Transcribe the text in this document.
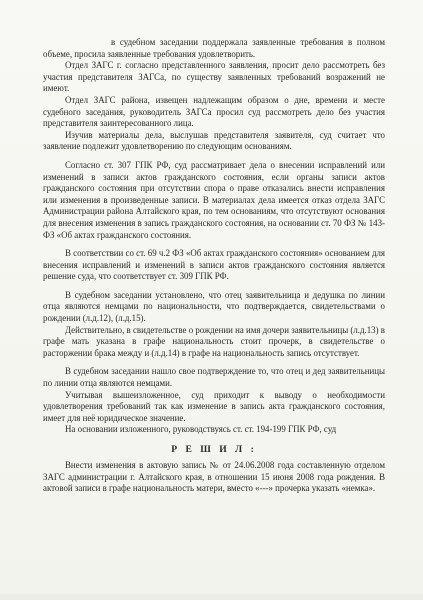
в судебном заседании поддержала заявленные требования в полном объеме, просила заявленные требования удовлетворить.

Отдел ЗАГС г. согласно представленного заявления, просит дело рассмотреть без участия представителя ЗАГСа, по существу заявленных требований возражений не имеют.

Отдел ЗАГС района, извещен надлежащим образом о дне, времени и месте судебного заседания, руководитель ЗАГСа просил суд рассмотреть дело без участия представителя заинтересованного лица.

Изучив материалы дела, выслушав представителя заявителя, суд считает что заявление подлежит удовлетворению по следующим основаниям.

Согласно ст. 307 ГПК РФ, суд рассматривает дела о внесении исправлений или изменений в записи актов гражданского состояния, если органы записи актов гражданского состояния при отсутствии спора о праве отказались внести исправления или изменения в произведенные записи. В материалах дела имеется отказ отдела ЗАГС Администрации района Алтайского края, по тем основаниям, что отсутствуют основания для внесения изменения в запись гражданского состояния, на основании ст. 70 ФЗ № 143-ФЗ «Об актах гражданского состояния.

В соответствии со ст. 69 ч.2 ФЗ «Об актах гражданского состояния» основанием для внесения исправлений и изменений в записи актов гражданского состояния является решение суда, что соответствует ст. 309 ГПК РФ.

В судебном заседании установлено, что отец заявительница и дедушка по линии отца являются немцами по национальности, что подтверждается, свидетельствами о рождении (л.д.12), (л.д.15).

Действительно, в свидетельстве о рождении на имя дочери заявительницы (л.д.13) в графе мать указана в графе национальность стоит прочерк, в свидетельстве о расторжении брака между и (л.д.14) в графе на национальность запись отсутствует.

В судебном заседании нашло свое подтверждение то, что отец и дед заявительницы по линии отца являются немцами.

Учитывая вышеизложенное, суд приходит к выводу о необходимости удовлетворения требований так как изменение в запись акта гражданского состояния, имеет для неё юридическое значение.

На основании изложенного, руководствуясь ст. ст. 194-199 ГПК РФ, суд

Р Е Ш И Л :

Внести изменения в актовую запись № от 24.06.2008 года составленную отделом ЗАГС администрации г. Алтайского края, в отношении 15 июня 2008 года рождения. В актовой записи в графе национальность матери, вместо «---» прочерка указать «немка».
